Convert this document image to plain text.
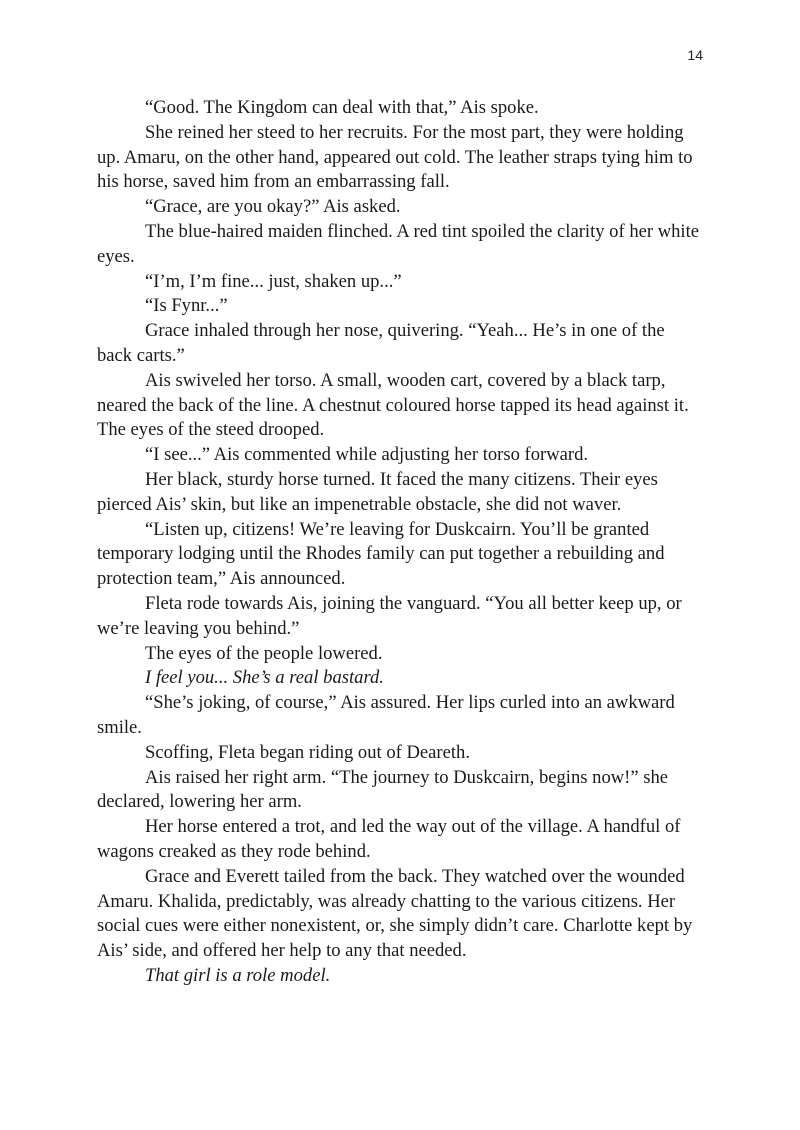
14

“Good. The Kingdom can deal with that,” Ais spoke.

She reined her steed to her recruits. For the most part, they were holding up. Amaru, on the other hand, appeared out cold. The leather straps tying him to his horse, saved him from an embarrassing fall.

“Grace, are you okay?” Ais asked.

The blue-haired maiden flinched. A red tint spoiled the clarity of her white eyes.

“I’m, I’m fine... just, shaken up...”

“Is Fynr...”

Grace inhaled through her nose, quivering. “Yeah... He’s in one of the back carts.”

Ais swiveled her torso. A small, wooden cart, covered by a black tarp, neared the back of the line. A chestnut coloured horse tapped its head against it. The eyes of the steed drooped.

“I see...” Ais commented while adjusting her torso forward.

Her black, sturdy horse turned. It faced the many citizens. Their eyes pierced Ais’ skin, but like an impenetrable obstacle, she did not waver.

“Listen up, citizens! We’re leaving for Duskcairn. You’ll be granted temporary lodging until the Rhodes family can put together a rebuilding and protection team,” Ais announced.

Fleta rode towards Ais, joining the vanguard. “You all better keep up, or we’re leaving you behind.”

The eyes of the people lowered.

I feel you... She’s a real bastard.

“She’s joking, of course,” Ais assured. Her lips curled into an awkward smile.

Scoffing, Fleta began riding out of Deareth.

Ais raised her right arm. “The journey to Duskcairn, begins now!” she declared, lowering her arm.

Her horse entered a trot, and led the way out of the village. A handful of wagons creaked as they rode behind.

Grace and Everett tailed from the back. They watched over the wounded Amaru. Khalida, predictably, was already chatting to the various citizens. Her social cues were either nonexistent, or, she simply didn’t care. Charlotte kept by Ais’ side, and offered her help to any that needed.

That girl is a role model.
